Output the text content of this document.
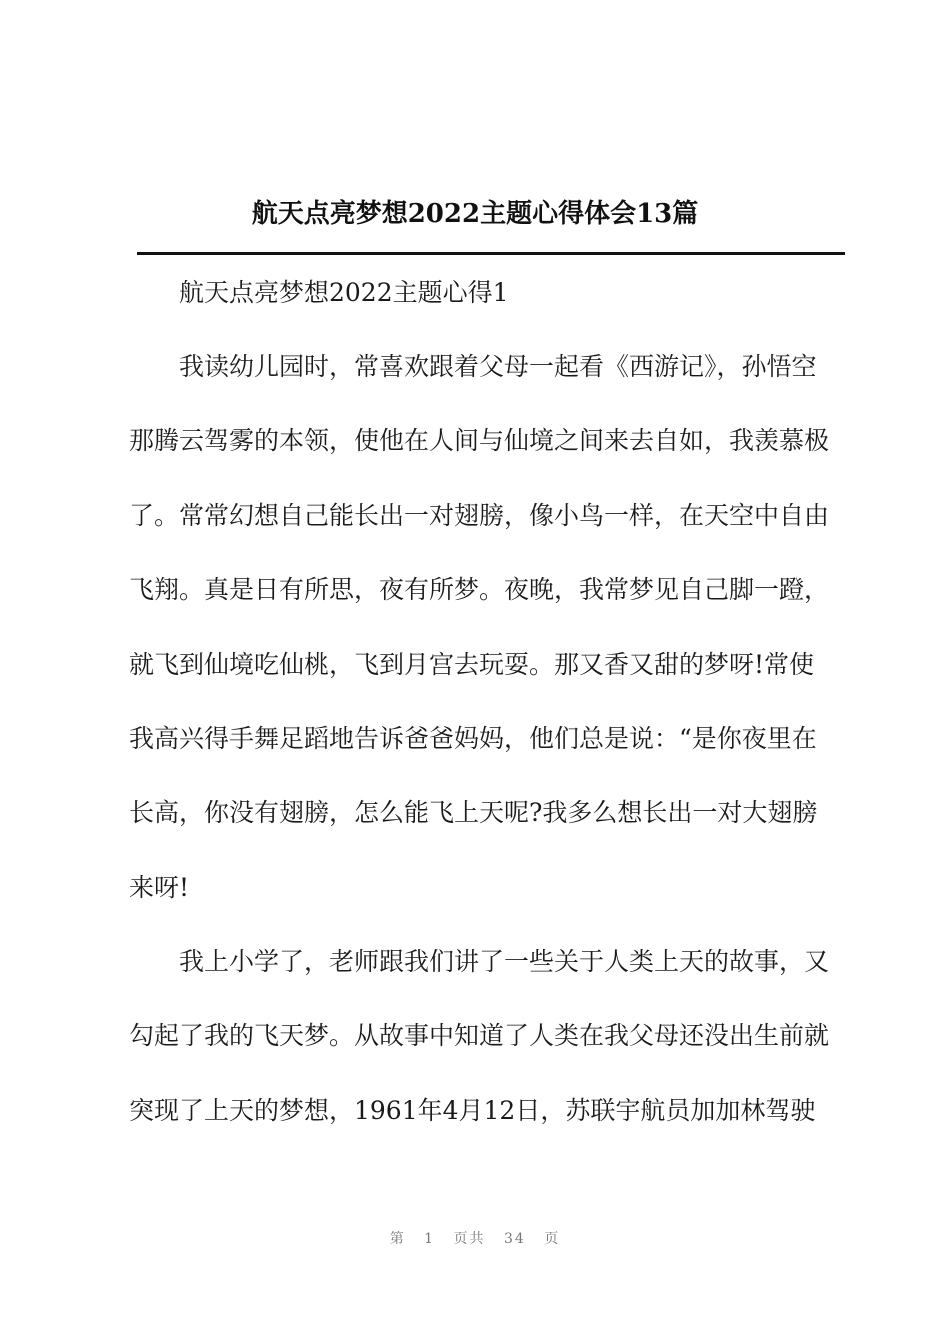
航天点亮梦想2022主题心得体会13篇
航天点亮梦想2022主题心得1
我读幼儿园时，常喜欢跟着父母一起看《西游记》，孙悟空
那腾云驾雾的本领，使他在人间与仙境之间来去自如，我羡慕极
了。常常幻想自己能长出一对翅膀，像小鸟一样，在天空中自由
飞翔。真是日有所思，夜有所梦。夜晚，我常梦见自己脚一蹬，
就飞到仙境吃仙桃，飞到月宫去玩耍。那又香又甜的梦呀!常使
我高兴得手舞足蹈地告诉爸爸妈妈，他们总是说：“是你夜里在
长高，你没有翅膀，怎么能飞上天呢?我多么想长出一对大翅膀
来呀!
我上小学了，老师跟我们讲了一些关于人类上天的故事，又
勾起了我的飞天梦。从故事中知道了人类在我父母还没出生前就
突现了上天的梦想，1961年4月12日，苏联宇航员加加林驾驶
第 1 页共 34 页
